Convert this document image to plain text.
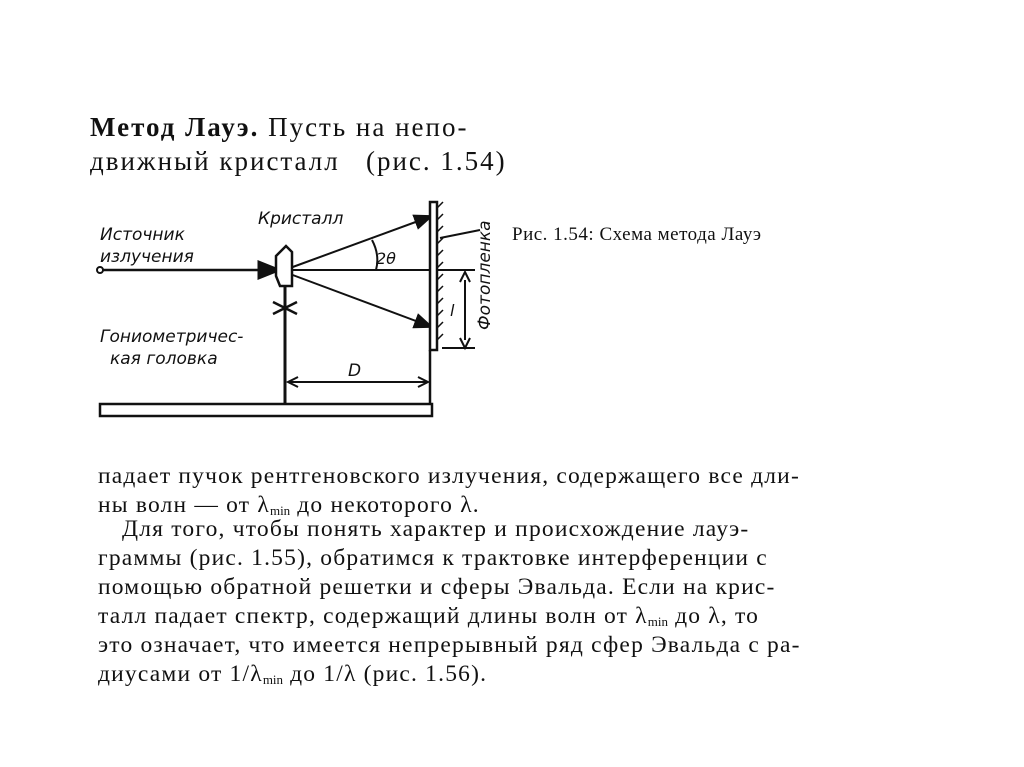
Метод Лауэ. Пусть на непо-
движный кристалл   (рис. 1.54)
2θ
Кристалл
Фотопленка
l
D
Источник
излучения
Гониометричес-
кая головка
Рис. 1.54: Схема метода Лауэ
падает пучок рентгеновского излучения, содержащего все дли-
ны волн — от $\lambda_{min}$ до некоторого λ.
Для того, чтобы понять характер и происхождение лауэ-
граммы (рис. 1.55), обратимся к трактовке интерференции с
помощью обратной решетки и сферы Эвальда. Если на крис-
талл падает спектр, содержащий длины волн от $\lambda_{min}$ до λ, то
это означает, что имеется непрерывный ряд сфер Эвальда с ра-
диусами от $1/\lambda_{min}$ до 1/λ (рис. 1.56).
